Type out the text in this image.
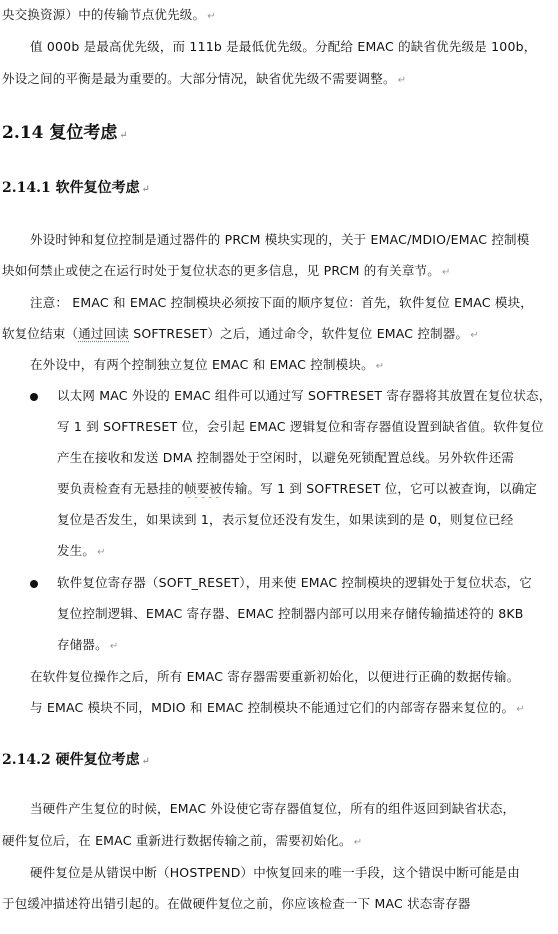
央交换资源）中的传输节点优先级。 ↵
值 000b 是最高优先级，而 111b 是最低优先级。分配给 EMAC 的缺省优先级是 100b，
外设之间的平衡是最为重要的。大部分情况，缺省优先级不需要调整。 ↵
2.14 复位考虑 ↵
2.14.1 软件复位考虑 ↵
外设时钟和复位控制是通过器件的 PRCM 模块实现的，关于 EMAC/MDIO/EMAC 控制模
块如何禁止或使之在运行时处于复位状态的更多信息，见 PRCM 的有关章节。 ↵
注意： EMAC 和 EMAC 控制模块必须按下面的顺序复位：首先，软件复位 EMAC 模块，
软复位结束（通过回读 SOFTRESET）之后，通过命令，软件复位 EMAC 控制器。 ↵
在外设中，有两个控制独立复位 EMAC 和 EMAC 控制模块。 ↵
以太网 MAC 外设的 EMAC 组件可以通过写 SOFTRESET 寄存器将其放置在复位状态，
写 1 到 SOFTRESET 位，会引起 EMAC 逻辑复位和寄存器值设置到缺省值。软件复位
产生在接收和发送 DMA 控制器处于空闲时，以避免死锁配置总线。另外软件还需
要负责检查有无悬挂的帧要被传输。写 1 到 SOFTRESET 位，它可以被查询，以确定
复位是否发生，如果读到 1，表示复位还没有发生，如果读到的是 0，则复位已经
发生。 ↵
软件复位寄存器（SOFT_RESET），用来使 EMAC 控制模块的逻辑处于复位状态，它
复位控制逻辑、EMAC 寄存器、EMAC 控制器内部可以用来存储传输描述符的 8KB
存储器。 ↵
在软件复位操作之后，所有 EMAC 寄存器需要重新初始化，以便进行正确的数据传输。
与 EMAC 模块不同，MDIO 和 EMAC 控制模块不能通过它们的内部寄存器来复位的。 ↵
2.14.2 硬件复位考虑 ↵
当硬件产生复位的时候，EMAC 外设使它寄存器值复位，所有的组件返回到缺省状态，
硬件复位后，在 EMAC 重新进行数据传输之前，需要初始化。 ↵
硬件复位是从错误中断（HOSTPEND）中恢复回来的唯一手段，这个错误中断可能是由
于包缓冲描述符出错引起的。在做硬件复位之前，你应该检查一下 MAC 状态寄存器
